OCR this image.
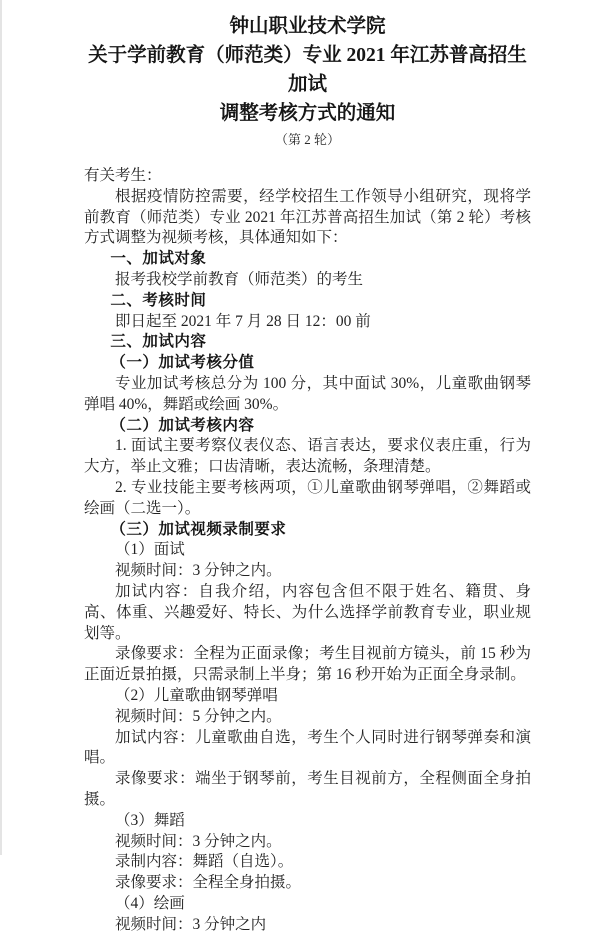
钟山职业技术学院

关于学前教育（师范类）专业 2021 年江苏普高招生加试

调整考核方式的通知

（第 2 轮）

有关考生：

根据疫情防控需要，经学校招生工作领导小组研究，现将学前教育（师范类）专业 2021 年江苏普高招生加试（第 2 轮）考核方式调整为视频考核，具体通知如下：

一、加试对象

报考我校学前教育（师范类）的考生

二、考核时间

即日起至 2021 年 7 月 28 日 12：00 前

三、加试内容

（一）加试考核分值

专业加试考核总分为 100 分，其中面试 30%，儿童歌曲钢琴弹唱 40%，舞蹈或绘画 30%。

（二）加试考核内容

1. 面试主要考察仪表仪态、语言表达，要求仪表庄重，行为大方，举止文雅；口齿清晰，表达流畅，条理清楚。

2. 专业技能主要考核两项，①儿童歌曲钢琴弹唱，②舞蹈或绘画（二选一）。

（三）加试视频录制要求

（1）面试

视频时间：3 分钟之内。

加试内容：自我介绍，内容包含但不限于姓名、籍贯、身高、体重、兴趣爱好、特长、为什么选择学前教育专业，职业规划等。

录像要求：全程为正面录像；考生目视前方镜头，前 15 秒为正面近景拍摄，只需录制上半身；第 16 秒开始为正面全身录制。

（2）儿童歌曲钢琴弹唱

视频时间：5 分钟之内。

加试内容：儿童歌曲自选，考生个人同时进行钢琴弹奏和演唱。

录像要求：端坐于钢琴前，考生目视前方，全程侧面全身拍摄。

（3）舞蹈

视频时间：3 分钟之内。

录制内容：舞蹈（自选）。

录像要求：全程全身拍摄。

（4）绘画

视频时间：3 分钟之内
